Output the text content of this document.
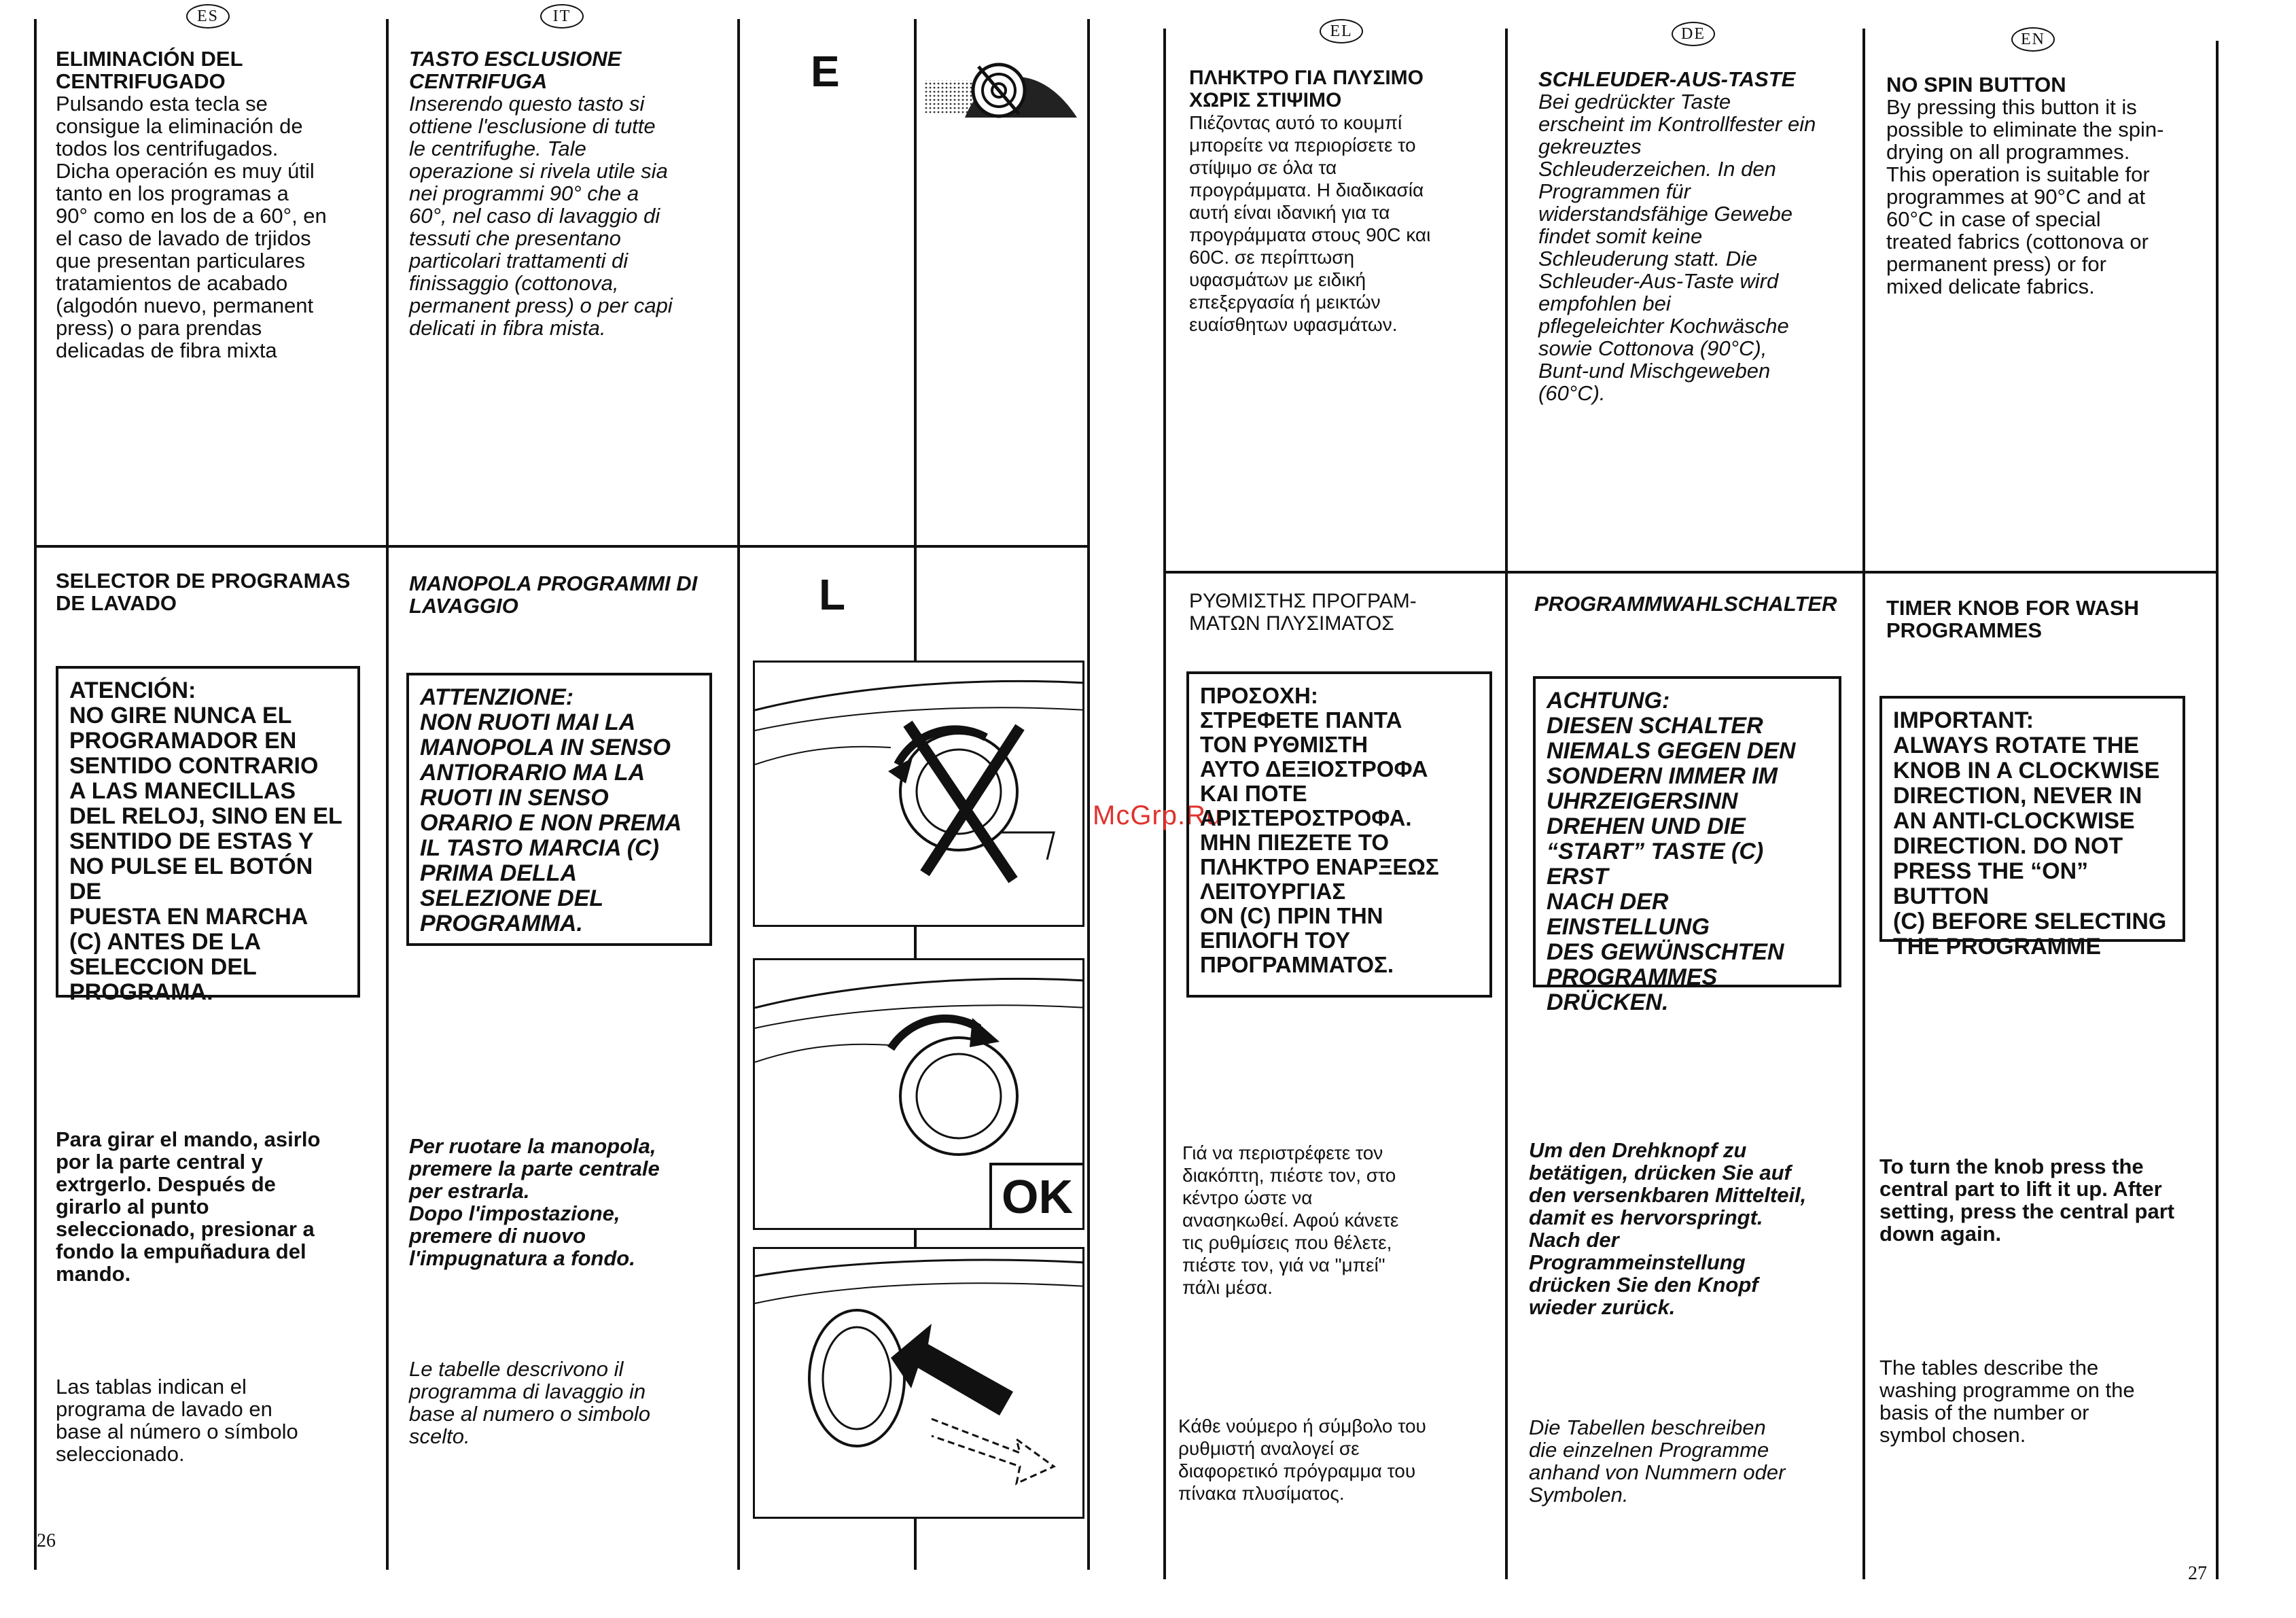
ES	IT
EL	DE	EN
ELIMINACIÓN DEL
CENTRIFUGADO
Pulsando esta tecla se
consigue la eliminación de
todos los centrifugados.
Dicha operación es muy útil
tanto en los programas a
90° como en los de a 60°, en
el caso de lavado de trjidos
que presentan particulares
tratamientos de acabado
(algodón nuevo, permanent
press) o para prendas
delicadas de fibra mixta
SELECTOR DE PROGRAMAS
DE LAVADO
ATENCIÓN:
NO GIRE NUNCA EL
PROGRAMADOR EN
SENTIDO CONTRARIO
A LAS MANECILLAS
DEL RELOJ, SINO EN EL
SENTIDO DE ESTAS Y
NO PULSE EL BOTÓN DE
PUESTA EN MARCHA
(C) ANTES DE LA
SELECCION DEL
PROGRAMA.
Para girar el mando, asirlo
por la parte central y
extrgerlo. Después de
girarlo al punto
seleccionado, presionar a
fondo la empuñadura del
mando.
Las tablas indican el
programa de lavado en
base al número o símbolo
seleccionado.
TASTO ESCLUSIONE
CENTRIFUGA
Inserendo questo tasto si
ottiene l'esclusione di tutte
le centrifughe. Tale
operazione si rivela utile sia
nei programmi 90° che a
60°, nel caso di lavaggio di
tessuti che presentano
particolari trattamenti di
finissaggio (cottonova,
permanent press) o per capi
delicati in fibra mista.
MANOPOLA PROGRAMMI DI
LAVAGGIO
ATTENZIONE:
NON RUOTI MAI LA
MANOPOLA IN SENSO
ANTIORARIO MA LA
RUOTI IN SENSO
ORARIO E NON PREMA
IL TASTO MARCIA (C)
PRIMA DELLA
SELEZIONE DEL
PROGRAMMA.
Per ruotare la manopola,
premere la parte centrale
per estrarla.
Dopo l'impostazione,
premere di nuovo
l'impugnatura a fondo.
Le tabelle descrivono il
programma di lavaggio in
base al numero o simbolo
scelto.
E
L
OK
McGrp.Ru
ΠΛΗΚΤΡΟ ΓΙΑ ΠΛΥΣΙΜΟ
ΧΩΡΙΣ ΣΤΙΨΙΜΟ
Πιέζοντας αυτό το κουμπί
μπορείτε να περιορίσετε το
στίψιμο σε όλα τα
προγράμματα. Η διαδικασία
αυτή είναι ιδανική για τα
προγράμματα στους 90C και
60C. σε περίπτωση
υφασμάτων με ειδική
επεξεργασία ή μεικτών
ευαίσθητων υφασμάτων.
ΡΥΘΜΙΣΤΗΣ ΠΡΟΓΡΑΜ-
ΜΑΤΩΝ ΠΛΥΣΙΜΑΤΟΣ
ΠΡΟΣΟΧΗ:
ΣΤΡΕΦΕΤΕ ΠΑΝΤΑ
ΤΟΝ ΡΥΘΜΙΣΤΗ
ΑΥΤΟ ΔΕΞΙΟΣΤΡΟΦΑ
ΚΑΙ ΠΟΤΕ
ΑΡΙΣΤΕΡΟΣΤΡΟΦΑ.
ΜΗΝ ΠΙΕΖΕΤΕ ΤΟ
ΠΛΗΚΤΡΟ ΕΝΑΡΞΕΩΣ
ΛΕΙΤΟΥΡΓΙΑΣ
ON (C) ΠΡΙΝ ΤΗΝ
ΕΠΙΛΟΓΗ ΤΟΥ
ΠΡΟΓΡΑΜΜΑΤΟΣ.
Γιά να περιστρέφετε τον
διακόπτη, πιέστε τον, στο
κέντρο ώστε να
ανασηκωθεί. Αφού κάνετε
τις ρυθμίσεις που θέλετε,
πιέστε τον, γιά να "μπεί"
πάλι μέσα.
Κάθε νούμερο ή σύμβολο του
ρυθμιστή αναλογεί σε
διαφορετικό πρόγραμμα του
πίνακα πλυσίματος.
SCHLEUDER-AUS-TASTE
Bei gedrückter Taste
erscheint im Kontrollfester ein
gekreuztes
Schleuderzeichen. In den
Programmen für
widerstandsfähige Gewebe
findet somit keine
Schleuderung statt. Die
Schleuder-Aus-Taste wird
empfohlen bei
pflegeleichter Kochwäsche
sowie Cottonova (90°C),
Bunt-und Mischgeweben
(60°C).
PROGRAMMWAHLSCHALTER
ACHTUNG:
DIESEN SCHALTER
NIEMALS GEGEN DEN
SONDERN IMMER IM
UHRZEIGERSINN
DREHEN UND DIE
“START” TASTE (C) ERST
NACH DER EINSTELLUNG
DES GEWÜNSCHTEN
PROGRAMMES
DRÜCKEN.
Um den Drehknopf zu
betätigen, drücken Sie auf
den versenkbaren Mittelteil,
damit es hervorspringt.
Nach der
Programmeinstellung
drücken Sie den Knopf
wieder zurück.
Die Tabellen beschreiben
die einzelnen Programme
anhand von Nummern oder
Symbolen.
NO SPIN BUTTON
By pressing this button it is
possible to eliminate the spin-
drying on all programmes.
This operation is suitable for
programmes at 90°C and at
60°C in case of special
treated fabrics (cottonova or
permanent press) or for
mixed delicate fabrics.
TIMER KNOB FOR WASH
PROGRAMMES
IMPORTANT:
ALWAYS ROTATE THE
KNOB IN A CLOCKWISE
DIRECTION, NEVER IN
AN ANTI-CLOCKWISE
DIRECTION. DO NOT
PRESS THE “ON” BUTTON
(C) BEFORE SELECTING
THE PROGRAMME
To turn the knob press the
central part to lift it up. After
setting, press the central part
down again.
The tables describe the
washing programme on the
basis of the number or
symbol chosen.
26
27
